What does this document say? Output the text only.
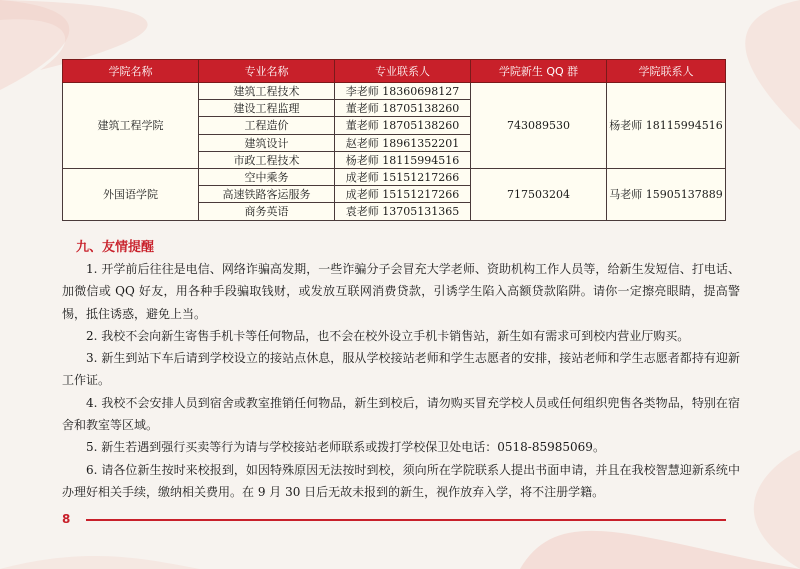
学院名称	专业名称	专业联系人	学院新生 QQ 群	学院联系人
建筑工程学院	建筑工程技术	李老师 18360698127	743089530	杨老师 18115994516
	建设工程监理	董老师 18705138260		
	工程造价	董老师 18705138260		
	建筑设计	赵老师 18961352201		
	市政工程技术	杨老师 18115994516		
外国语学院	空中乘务	成老师 15151217266	717503204	马老师 15905137889
	高速铁路客运服务	成老师 15151217266		
	商务英语	袁老师 13705131365		
九、友情提醒

1. 开学前后往往是电信、网络诈骗高发期，一些诈骗分子会冒充大学老师、资助机构工作人员等，给新生发短信、打电话、加微信或 QQ 好友，用各种手段骗取钱财，或发放互联网消费贷款，引诱学生陷入高额贷款陷阱。请你一定擦亮眼睛，提高警惕，抵住诱惑，避免上当。

2. 我校不会向新生寄售手机卡等任何物品，也不会在校外设立手机卡销售站，新生如有需求可到校内营业厅购买。

3. 新生到站下车后请到学校设立的接站点休息，服从学校接站老师和学生志愿者的安排，接站老师和学生志愿者都持有迎新工作证。

4. 我校不会安排人员到宿舍或教室推销任何物品，新生到校后，请勿购买冒充学校人员或任何组织兜售各类物品，特别在宿舍和教室等区域。

5. 新生若遇到强行买卖等行为请与学校接站老师联系或拨打学校保卫处电话：0518-85985069。

6. 请各位新生按时来校报到，如因特殊原因无法按时到校，须向所在学院联系人提出书面申请，并且在我校智慧迎新系统中办理好相关手续，缴纳相关费用。在 9 月 30 日后无故未报到的新生，视作放弃入学，将不注册学籍。

8
